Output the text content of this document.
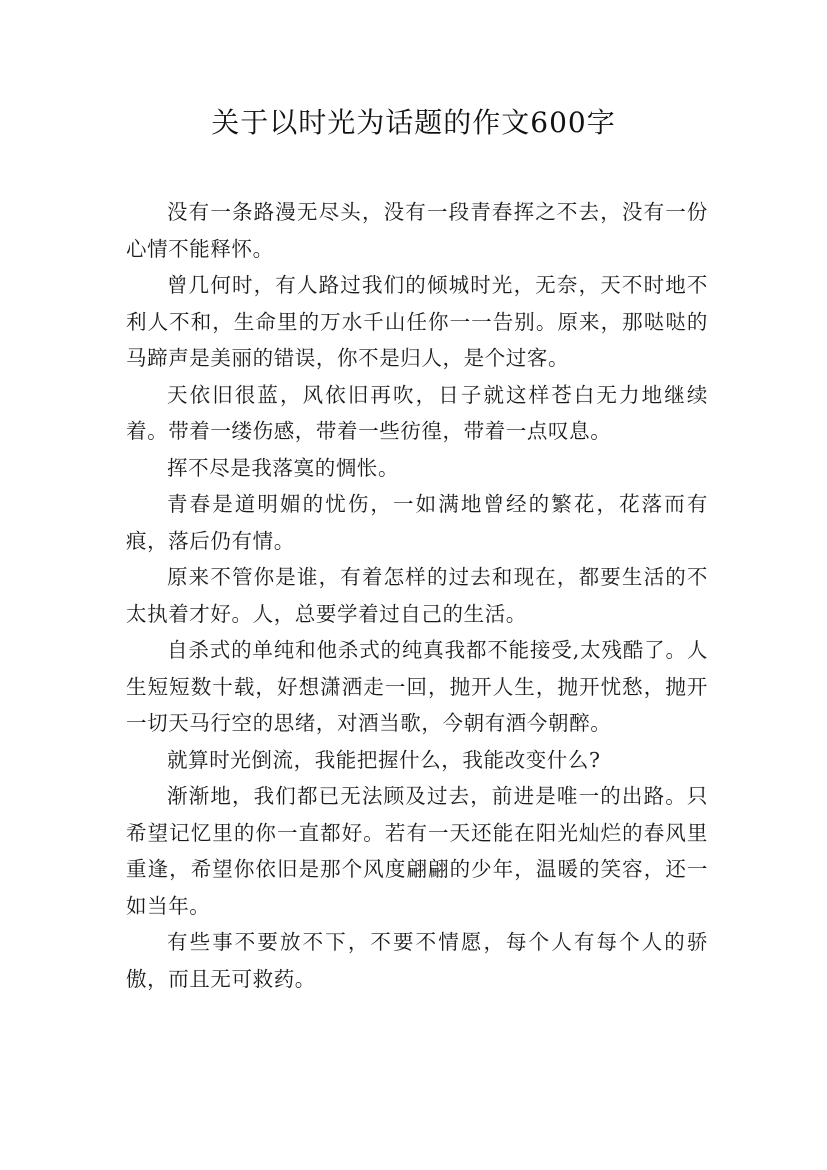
关于以时光为话题的作文600字

没有一条路漫无尽头，没有一段青春挥之不去，没有一份心情不能释怀。

曾几何时，有人路过我们的倾城时光，无奈，天不时地不利人不和，生命里的万水千山任你一一告别。原来，那哒哒的马蹄声是美丽的错误，你不是归人，是个过客。

天依旧很蓝，风依旧再吹，日子就这样苍白无力地继续着。带着一缕伤感，带着一些彷徨，带着一点叹息。

挥不尽是我落寞的惆怅。

青春是道明媚的忧伤，一如满地曾经的繁花，花落而有痕，落后仍有情。

原来不管你是谁，有着怎样的过去和现在，都要生活的不太执着才好。人，总要学着过自己的生活。

自杀式的单纯和他杀式的纯真我都不能接受,太残酷了。人生短短数十载，好想潇洒走一回，抛开人生，抛开忧愁，抛开一切天马行空的思绪，对酒当歌，今朝有酒今朝醉。

就算时光倒流，我能把握什么，我能改变什么?

渐渐地，我们都已无法顾及过去，前进是唯一的出路。只希望记忆里的你一直都好。若有一天还能在阳光灿烂的春风里重逢，希望你依旧是那个风度翩翩的少年，温暖的笑容，还一如当年。

有些事不要放不下，不要不情愿，每个人有每个人的骄傲，而且无可救药。
